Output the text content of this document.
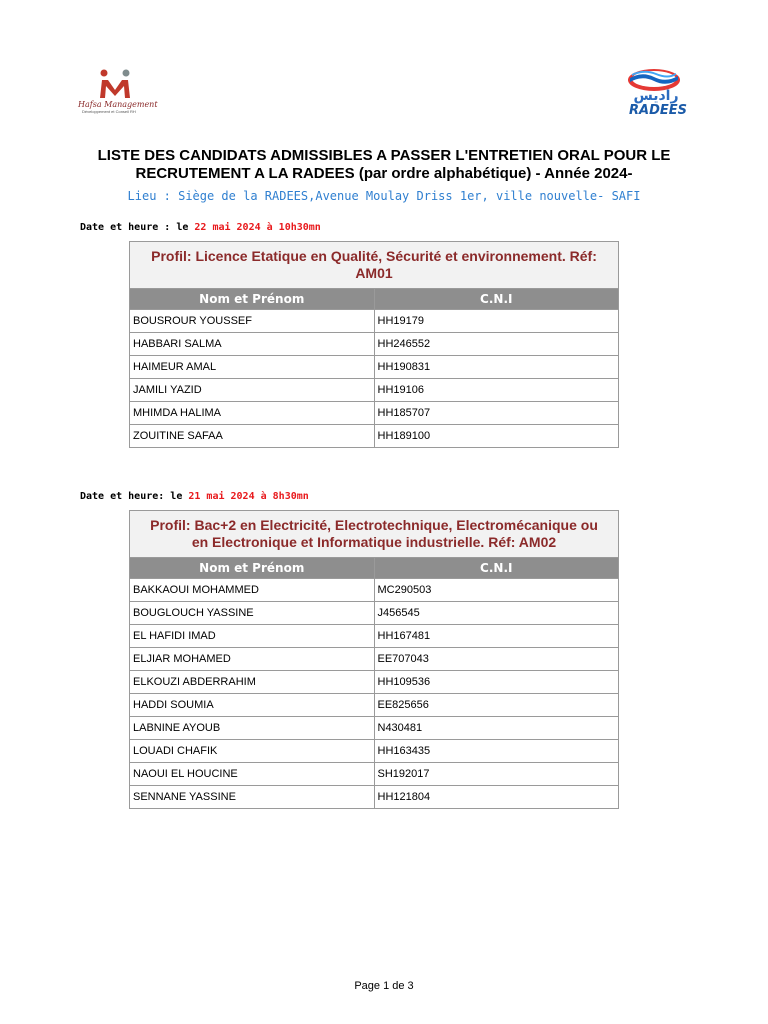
Hafsa Management
Développement et Conseil RH
راديس
RADEES
LISTE DES CANDIDATS ADMISSIBLES A PASSER L'ENTRETIEN ORAL POUR LE
RECRUTEMENT A LA RADEES (par ordre alphabétique) - Année 2024-
Lieu : Siège de la RADEES,Avenue Moulay Driss 1er, ville nouvelle- SAFI
Date et heure : le 22 mai 2024 à 10h30mn
Profil: Licence Etatique en Qualité, Sécurité et environnement. Réf:
AM01	

Nom et Prénom	C.N.I
BOUSROUR YOUSSEF	HH19179
HABBARI SALMA	HH246552
HAIMEUR AMAL	HH190831
JAMILI YAZID	HH19106
MHIMDA HALIMA	HH185707
ZOUITINE SAFAA	HH189100
Date et heure: le 21 mai 2024 à 8h30mn
Profil: Bac+2 en Electricité, Electrotechnique, Electromécanique ou
en Electronique et Informatique industrielle. Réf: AM02	

Nom et Prénom	C.N.I
BAKKAOUI MOHAMMED	MC290503
BOUGLOUCH YASSINE	J456545
EL HAFIDI IMAD	HH167481
ELJIAR MOHAMED	EE707043
ELKOUZI ABDERRAHIM	HH109536
HADDI SOUMIA	EE825656
LABNINE AYOUB	N430481
LOUADI CHAFIK	HH163435
NAOUI EL HOUCINE	SH192017
SENNANE YASSINE	HH121804
Page 1 de 3
